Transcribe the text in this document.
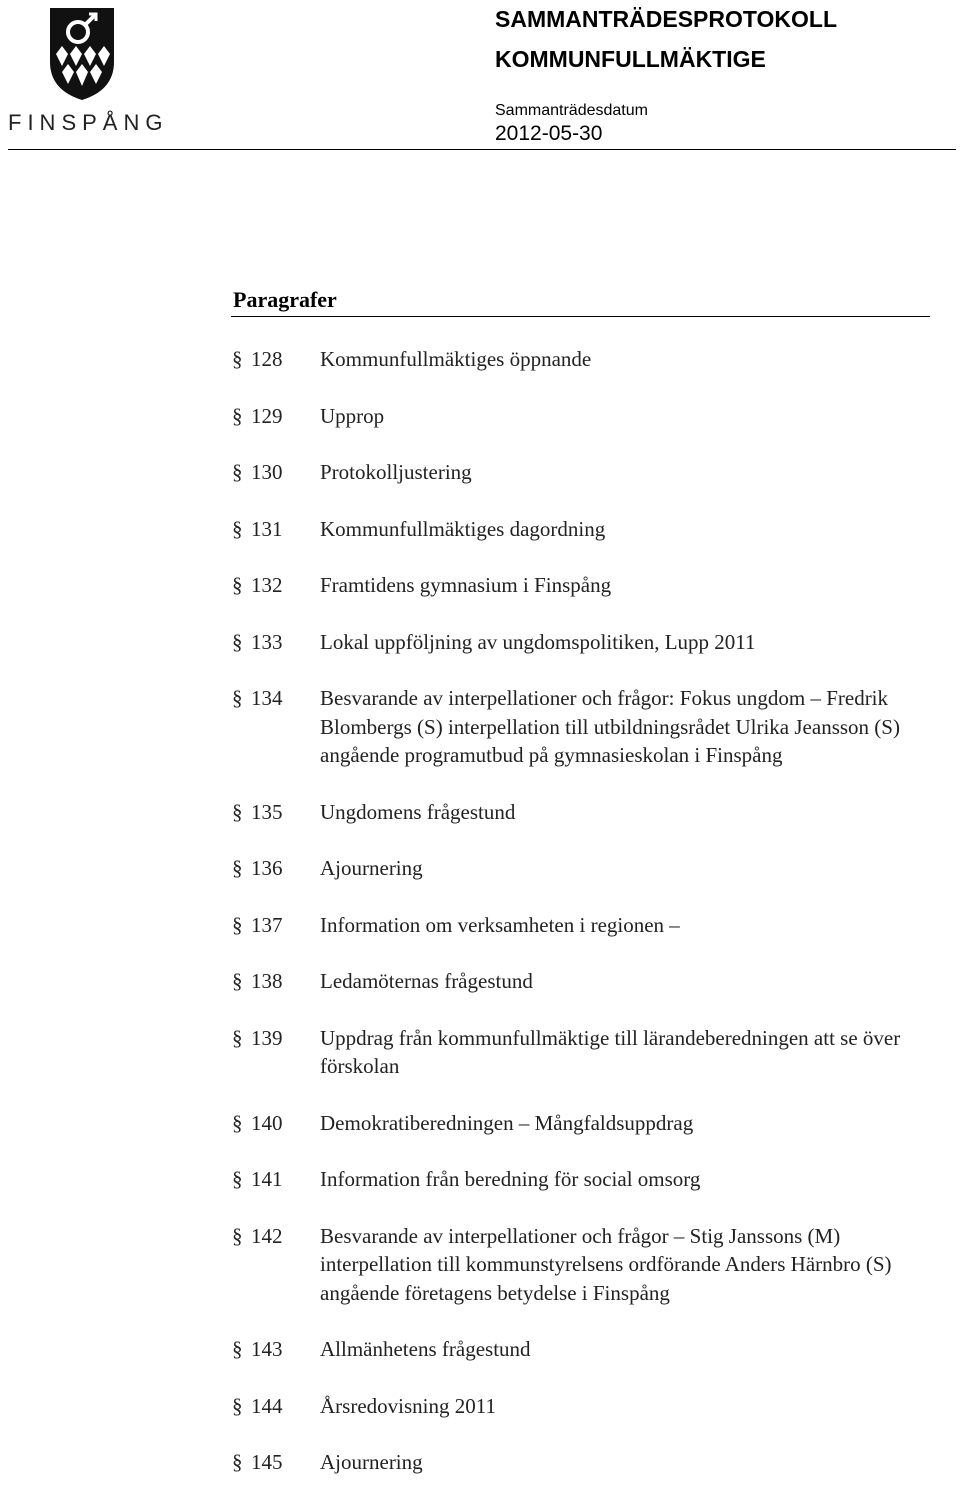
FINSPÅNG
SAMMANTRÄDESPROTOKOLL
KOMMUNFULLMÄKTIGE
Sammanträdesdatum
2012-05-30
Paragrafer
§ 128 Kommunfullmäktiges öppnande
§ 129 Upprop
§ 130 Protokolljustering
§ 131 Kommunfullmäktiges dagordning
§ 132 Framtidens gymnasium i Finspång
§ 133 Lokal uppföljning av ungdomspolitiken, Lupp 2011
§ 134 Besvarande av interpellationer och frågor: Fokus ungdom – Fredrik Blombergs (S) interpellation till utbildningsrådet Ulrika Jeansson (S) angående programutbud på gymnasieskolan i Finspång
§ 135 Ungdomens frågestund
§ 136 Ajournering
§ 137 Information om verksamheten i regionen –
§ 138 Ledamöternas frågestund
§ 139 Uppdrag från kommunfullmäktige till lärandeberedningen att se över förskolan
§ 140 Demokratiberedningen – Mångfaldsuppdrag
§ 141 Information från beredning för social omsorg
§ 142 Besvarande av interpellationer och frågor – Stig Janssons (M) interpellation till kommunstyrelsens ordförande Anders Härnbro (S) angående företagens betydelse i Finspång
§ 143 Allmänhetens frågestund
§ 144 Årsredovisning 2011
§ 145 Ajournering
